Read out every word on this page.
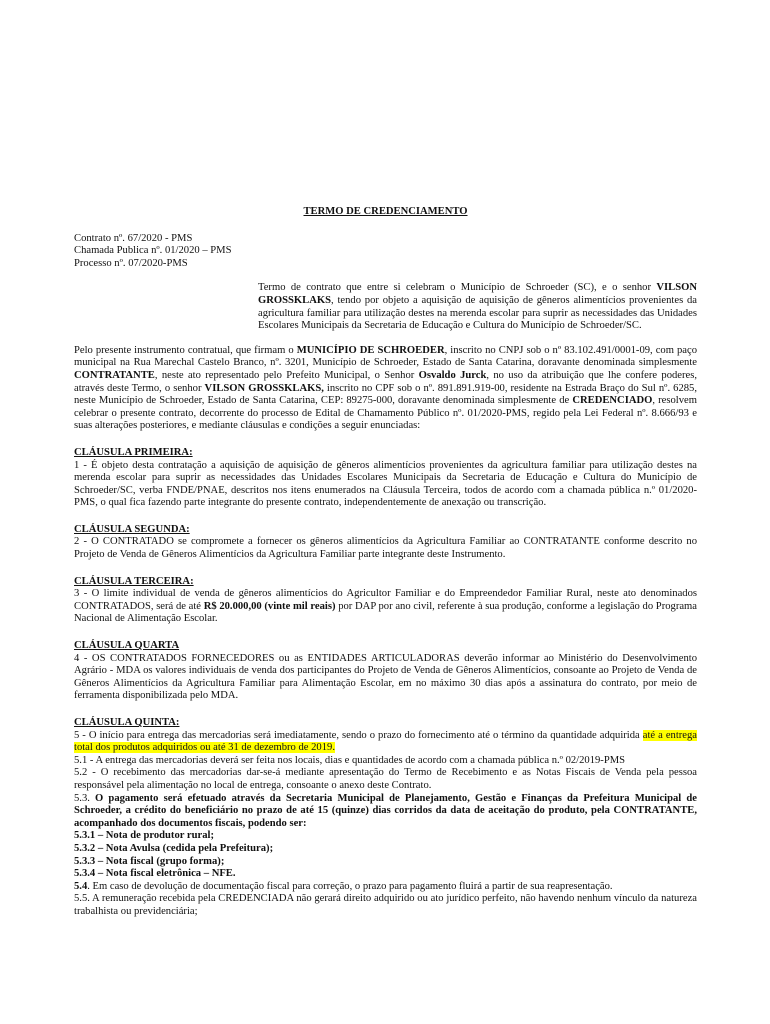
TERMO DE CREDENCIAMENTO

Contrato nº. 67/2020 - PMS

Chamada Publica nº. 01/2020 – PMS

Processo nº. 07/2020-PMS

Termo de contrato que entre si celebram o Município de Schroeder (SC), e o senhor VILSON GROSSKLAKS, tendo por objeto a aquisição de aquisição de gêneros alimentícios provenientes da agricultura familiar para utilização destes na merenda escolar para suprir as necessidades das Unidades Escolares Municipais da Secretaria de Educação e Cultura do Município de Schroeder/SC.

Pelo presente instrumento contratual, que firmam o MUNICÍPIO DE SCHROEDER, inscrito no CNPJ sob o nº 83.102.491/0001-09, com paço municipal na Rua Marechal Castelo Branco, nº. 3201, Município de Schroeder, Estado de Santa Catarina, doravante denominada simplesmente CONTRATANTE, neste ato representado pelo Prefeito Municipal, o Senhor Osvaldo Jurck, no uso da atribuição que lhe confere poderes, através deste Termo, o senhor VILSON GROSSKLAKS, inscrito no CPF sob o nº. 891.891.919-00, residente na Estrada Braço do Sul nº. 6285, neste Município de Schroeder, Estado de Santa Catarina, CEP: 89275-000, doravante denominada simplesmente de CREDENCIADO, resolvem celebrar o presente contrato, decorrente do processo de Edital de Chamamento Público nº. 01/2020-PMS, regido pela Lei Federal nº. 8.666/93 e suas alterações posteriores, e mediante cláusulas e condições a seguir enunciadas:

CLÁUSULA PRIMEIRA:

1 - É objeto desta contratação a aquisição de aquisição de gêneros alimentícios provenientes da agricultura familiar para utilização destes na merenda escolar para suprir as necessidades das Unidades Escolares Municipais da Secretaria de Educação e Cultura do Município de Schroeder/SC, verba FNDE/PNAE, descritos nos itens enumerados na Cláusula Terceira, todos de acordo com a chamada pública n.º 01/2020-PMS, o qual fica fazendo parte integrante do presente contrato, independentemente de anexação ou transcrição.

CLÁUSULA SEGUNDA:

2 - O CONTRATADO se compromete a fornecer os gêneros alimentícios da Agricultura Familiar ao CONTRATANTE conforme descrito no Projeto de Venda de Gêneros Alimentícios da Agricultura Familiar parte integrante deste Instrumento.

CLÁUSULA TERCEIRA:

3 - O limite individual de venda de gêneros alimentícios do Agricultor Familiar e do Empreendedor Familiar Rural, neste ato denominados CONTRATADOS, será de até R$ 20.000,00 (vinte mil reais) por DAP por ano civil, referente à sua produção, conforme a legislação do Programa Nacional de Alimentação Escolar.

CLÁUSULA QUARTA

4 - OS CONTRATADOS FORNECEDORES ou as ENTIDADES ARTICULADORAS deverão informar ao Ministério do Desenvolvimento Agrário - MDA os valores individuais de venda dos participantes do Projeto de Venda de Gêneros Alimentícios, consoante ao Projeto de Venda de Gêneros Alimentícios da Agricultura Familiar para Alimentação Escolar, em no máximo 30 dias após a assinatura do contrato, por meio de ferramenta disponibilizada pelo MDA.

CLÁUSULA QUINTA:

5 - O início para entrega das mercadorias será imediatamente, sendo o prazo do fornecimento até o término da quantidade adquirida até a entrega total dos produtos adquiridos ou até 31 de dezembro de 2019.

5.1 - A entrega das mercadorias deverá ser feita nos locais, dias e quantidades de acordo com a chamada pública n.º 02/2019-PMS

5.2 - O recebimento das mercadorias dar-se-á mediante apresentação do Termo de Recebimento e as Notas Fiscais de Venda pela pessoa responsável pela alimentação no local de entrega, consoante o anexo deste Contrato.

5.3. O pagamento será efetuado através da Secretaria Municipal de Planejamento, Gestão e Finanças da Prefeitura Municipal de Schroeder, a crédito do beneficiário no prazo de até 15 (quinze) dias corridos da data de aceitação do produto, pela CONTRATANTE, acompanhado dos documentos fiscais, podendo ser:

5.3.1 – Nota de produtor rural;

5.3.2 – Nota Avulsa (cedida pela Prefeitura);

5.3.3 – Nota fiscal (grupo forma);

5.3.4 – Nota fiscal eletrônica – NFE.

5.4. Em caso de devolução de documentação fiscal para correção, o prazo para pagamento fluirá a partir de sua reapresentação.

5.5. A remuneração recebida pela CREDENCIADA não gerará direito adquirido ou ato jurídico perfeito, não havendo nenhum vínculo da natureza trabalhista ou previdenciária;
